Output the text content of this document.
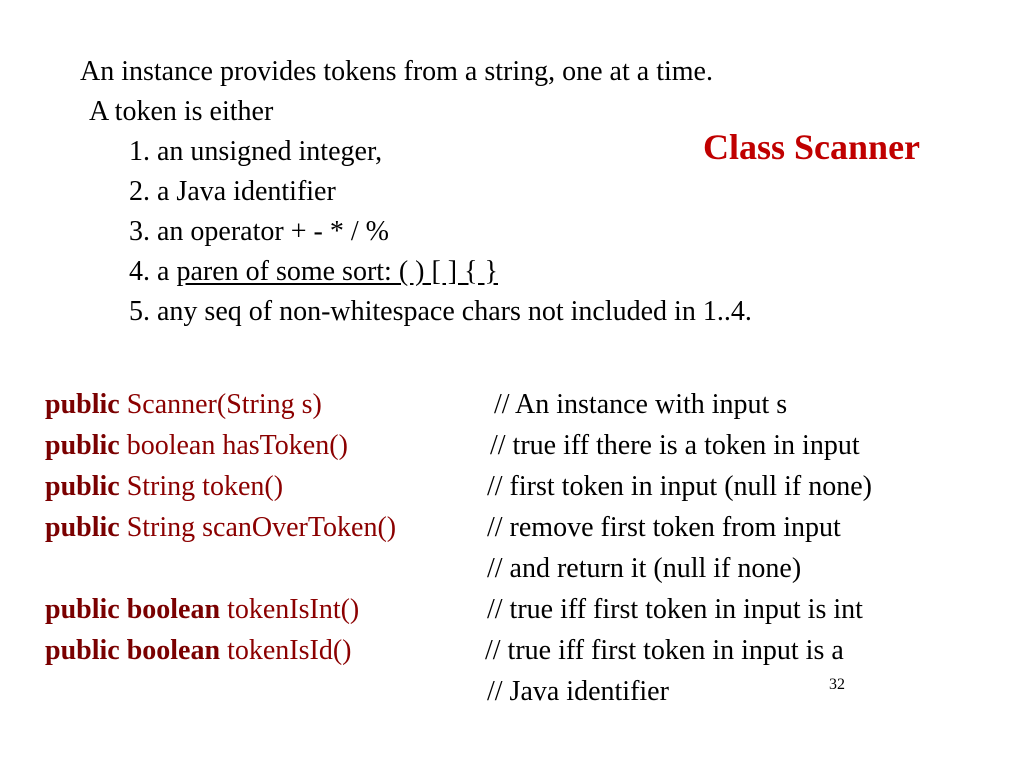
An instance provides tokens from a string, one at a time.
A token is either
1. an unsigned integer,
2. a Java identifier
3. an operator + - * / %
4. a paren of some sort: ( ) [ ] { }
5. any seq of non-whitespace chars not included in 1..4.
Class Scanner
public Scanner(String s)	// An instance with input s
public boolean hasToken()	// true iff there is a token in input
public String token()	// first token in input (null if none)
public String scanOverToken()	// remove first token from input
// and return it (null if none)
public boolean tokenIsInt()	// true iff first token in input is int
public boolean tokenIsId()	// true iff first token in input is a
// Java identifier	32
